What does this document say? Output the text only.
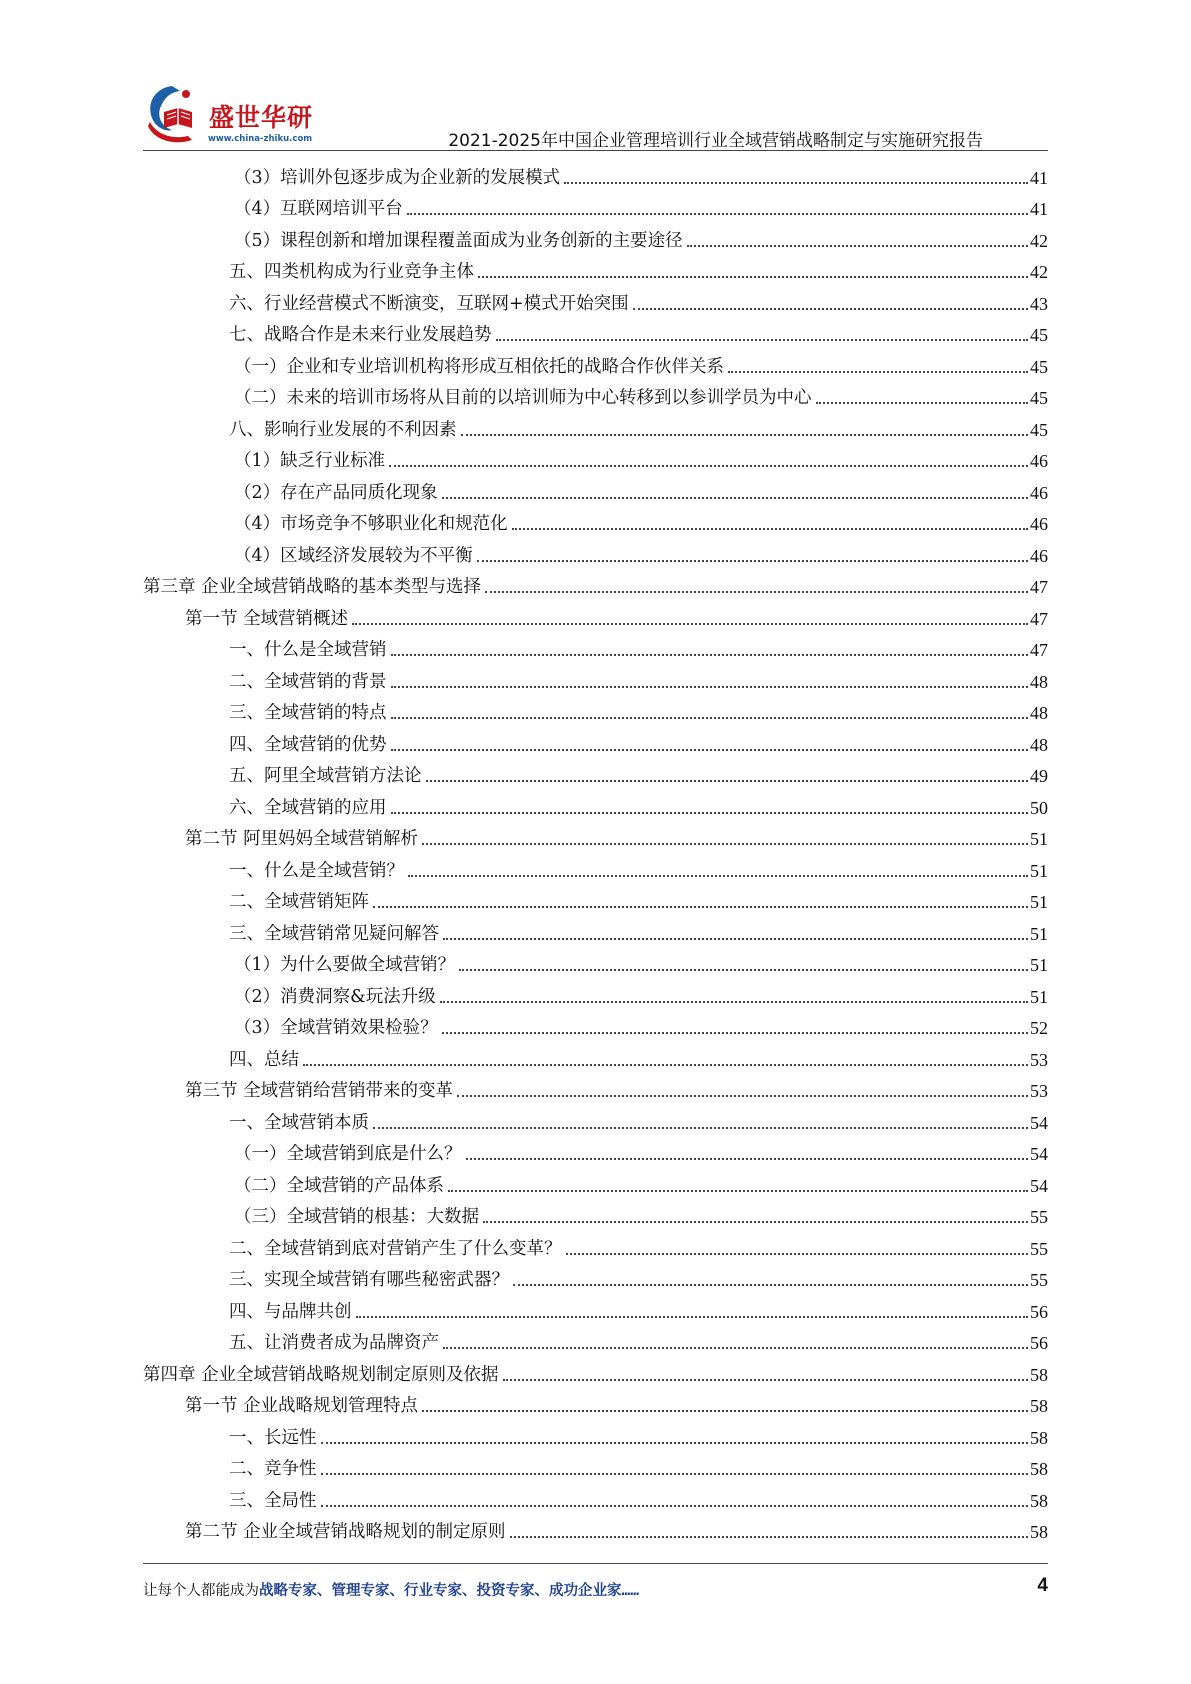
盛世华研
www.china-zhiku.com	2021-2025年中国企业管理培训行业全域营销战略制定与实施研究报告
（3）培训外包逐步成为企业新的发展模式	41
（4）互联网培训平台	41
（5）课程创新和增加课程覆盖面成为业务创新的主要途径	42
五、四类机构成为行业竞争主体	42
六、行业经营模式不断演变，互联网+模式开始突围	43
七、战略合作是未来行业发展趋势	45
（一）企业和专业培训机构将形成互相依托的战略合作伙伴关系	45
（二）未来的培训市场将从目前的以培训师为中心转移到以参训学员为中心	45
八、影响行业发展的不利因素	45
（1）缺乏行业标准	46
（2）存在产品同质化现象	46
（4）市场竞争不够职业化和规范化	46
（4）区域经济发展较为不平衡	46
第三章 企业全域营销战略的基本类型与选择	47
第一节 全域营销概述	47
一、什么是全域营销	47
二、全域营销的背景	48
三、全域营销的特点	48
四、全域营销的优势	48
五、阿里全域营销方法论	49
六、全域营销的应用	50
第二节 阿里妈妈全域营销解析	51
一、什么是全域营销？	51
二、全域营销矩阵	51
三、全域营销常见疑问解答	51
（1）为什么要做全域营销？	51
（2）消费洞察&玩法升级	51
（3）全域营销效果检验？	52
四、总结	53
第三节 全域营销给营销带来的变革	53
一、全域营销本质	54
（一）全域营销到底是什么？	54
（二）全域营销的产品体系	54
（三）全域营销的根基：大数据	55
二、全域营销到底对营销产生了什么变革？	55
三、实现全域营销有哪些秘密武器？	55
四、与品牌共创	56
五、让消费者成为品牌资产	56
第四章 企业全域营销战略规划制定原则及依据	58
第一节 企业战略规划管理特点	58
一、长远性	58
二、竞争性	58
三、全局性	58
第二节 企业全域营销战略规划的制定原则	58
让每个人都能成为战略专家、管理专家、行业专家、投资专家、成功企业家……	4
